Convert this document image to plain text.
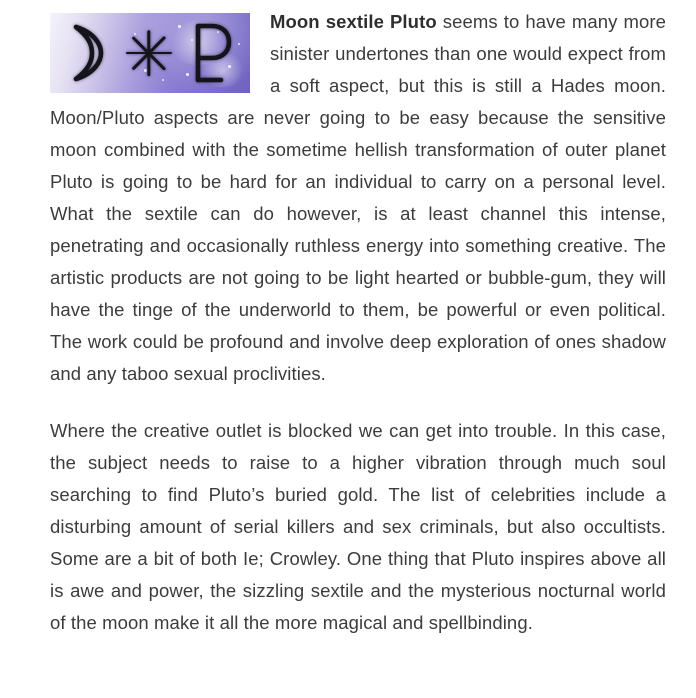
Moon sextile Pluto seems to have many more sinister undertones than one would expect from a soft aspect, but this is still a Hades moon. Moon/Pluto aspects are never going to be easy because the sensitive moon combined with the sometime hellish transformation of outer planet Pluto is going to be hard for an individual to carry on a personal level. What the sextile can do however, is at least channel this intense, penetrating and occasionally ruthless energy into something creative. The artistic products are not going to be light hearted or bubble-gum, they will have the tinge of the underworld to them, be powerful or even political. The work could be profound and involve deep exploration of ones shadow and any taboo sexual proclivities.

Where the creative outlet is blocked we can get into trouble. In this case, the subject needs to raise to a higher vibration through much soul searching to find Pluto’s buried gold. The list of celebrities include a disturbing amount of serial killers and sex criminals, but also occultists. Some are a bit of both Ie; Crowley. One thing that Pluto inspires above all is awe and power, the sizzling sextile and the mysterious nocturnal world of the moon make it all the more magical and spellbinding.
